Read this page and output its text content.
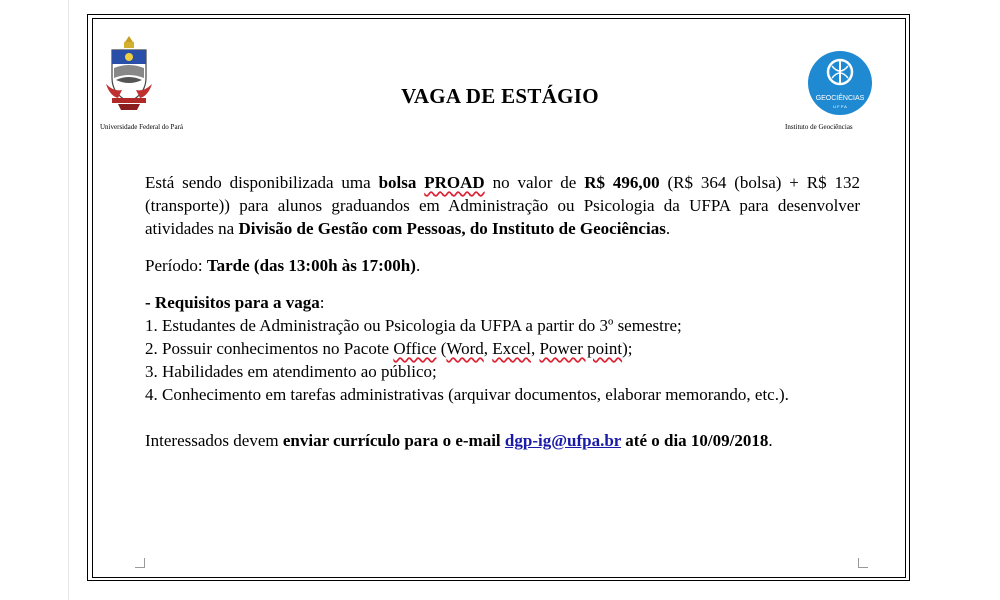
GEOCIÊNCIAS
U F P A
Universidade Federal do Pará	Instituto de Geociências
VAGA DE ESTÁGIO

Está sendo disponibilizada uma bolsa PROAD no valor de R$ 496,00 (R$ 364 (bolsa) + R$ 132 (transporte)) para alunos graduandos em Administração ou Psicologia da UFPA para desenvolver atividades na Divisão de Gestão com Pessoas, do Instituto de Geociências.

Período: Tarde (das 13:00h às 17:00h).

- Requisitos para a vaga:

1. Estudantes de Administração ou Psicologia da UFPA a partir do 3º semestre;

2. Possuir conhecimentos no Pacote Office (Word, Excel, Power point);

3. Habilidades em atendimento ao público;

4. Conhecimento em tarefas administrativas (arquivar documentos, elaborar memorando, etc.).

Interessados devem enviar currículo para o e-mail dgp-ig@ufpa.br até o dia 10/09/2018.
